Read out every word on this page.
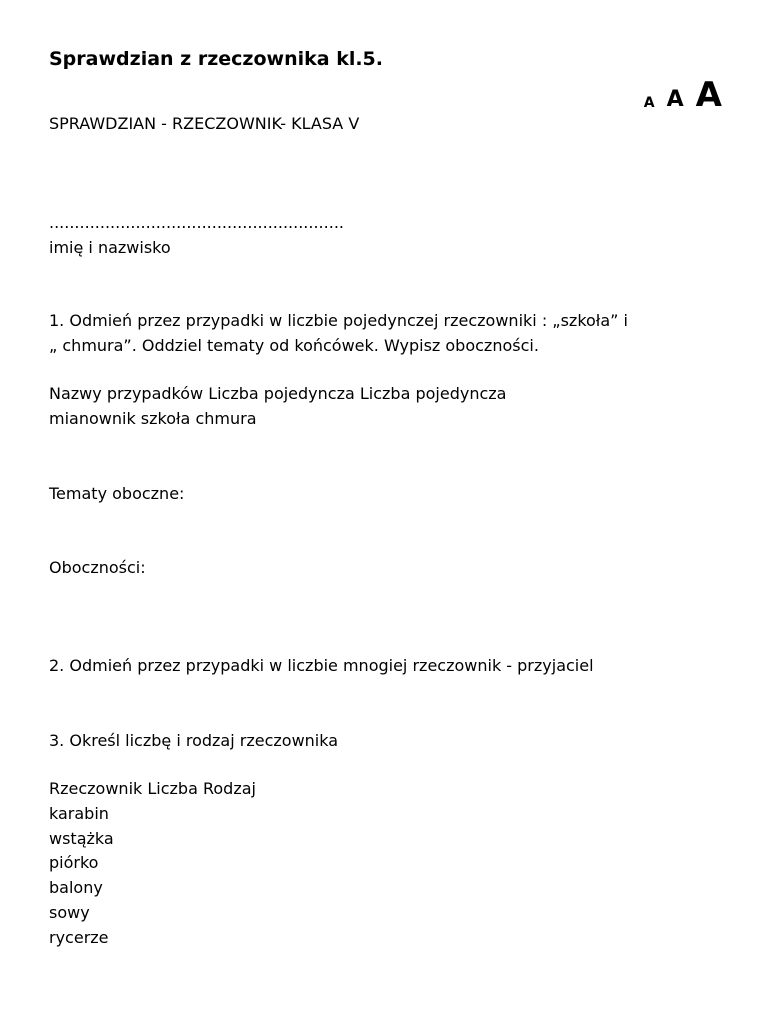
Sprawdzian z rzeczownika kl.5.
A A A

SPRAWDZIAN - RZECZOWNIK- KLASA V

..........................................................

imię i nazwisko

1. Odmień przez przypadki w liczbie pojedynczej rzeczowniki : „szkoła” i

„ chmura”. Oddziel tematy od końcówek. Wypisz oboczności.

Nazwy przypadków Liczba pojedyncza Liczba pojedyncza

mianownik szkoła chmura

Tematy oboczne:

Oboczności:

2. Odmień przez przypadki w liczbie mnogiej rzeczownik - przyjaciel

3. Określ liczbę i rodzaj rzeczownika

Rzeczownik Liczba Rodzaj

karabin

wstążka

piórko

balony

sowy

rycerze
